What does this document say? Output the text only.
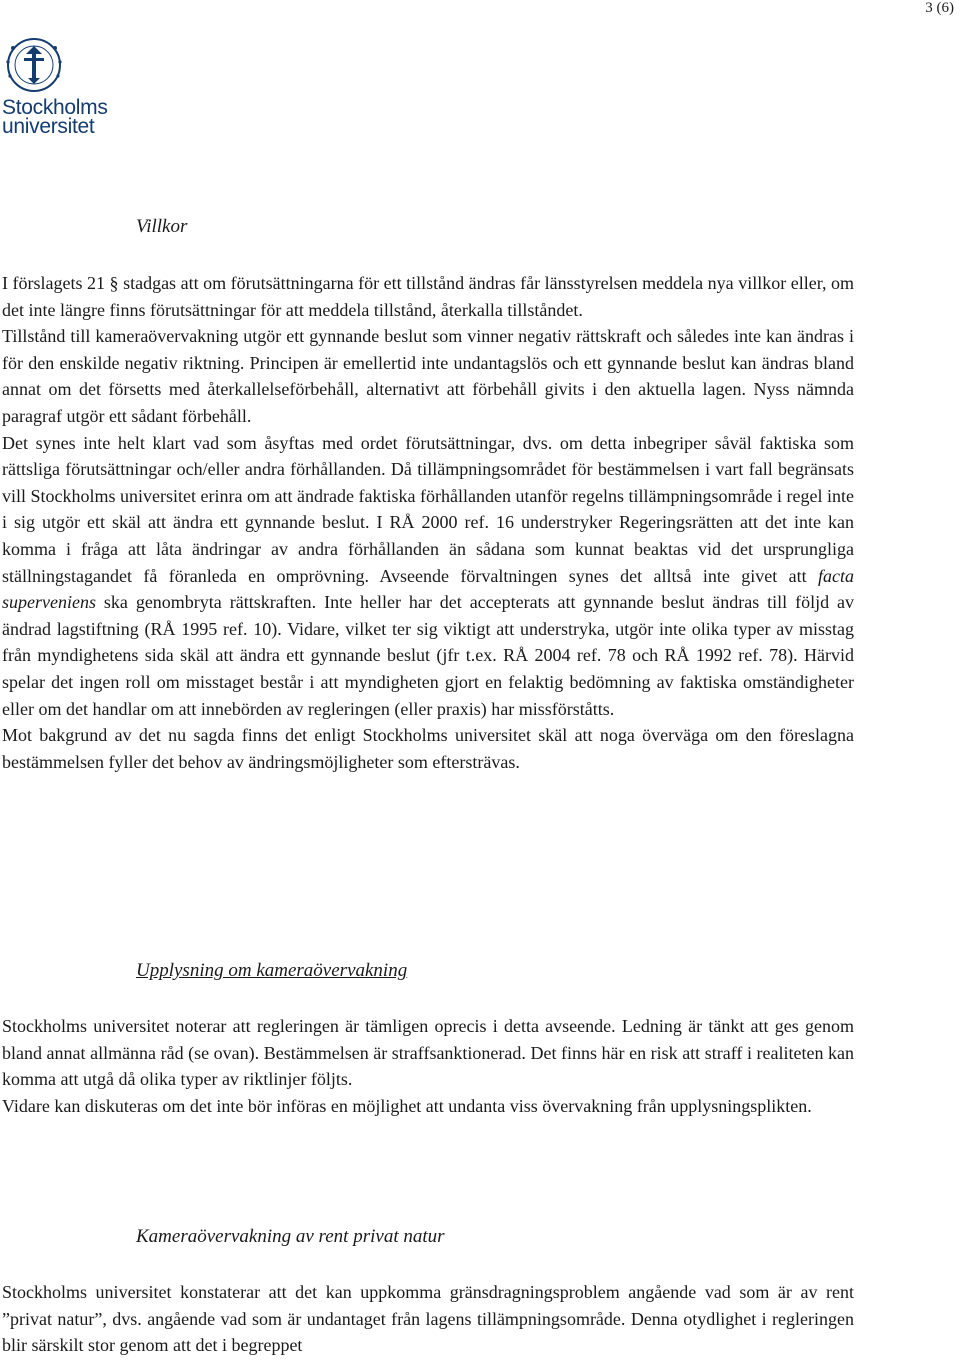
3 (6)
Stockholms
universitet
Villkor

I förslagets 21 § stadgas att om förutsättningarna för ett tillstånd ändras får länsstyrelsen meddela nya villkor eller, om det inte längre finns förutsättningar för att meddela tillstånd, återkalla tillståndet.

Tillstånd till kameraövervakning utgör ett gynnande beslut som vinner negativ rättskraft och således inte kan ändras i för den enskilde negativ riktning. Principen är emellertid inte undantagslös och ett gynnande beslut kan ändras bland annat om det försetts med återkallelseförbehåll, alternativt att förbehåll givits i den aktuella lagen. Nyss nämnda paragraf utgör ett sådant förbehåll.

Det synes inte helt klart vad som åsyftas med ordet förutsättningar, dvs. om detta inbegriper såväl faktiska som rättsliga förutsättningar och/eller andra förhållanden. Då tillämpningsområdet för bestämmelsen i vart fall begränsats vill Stockholms universitet erinra om att ändrade faktiska förhållanden utanför regelns tillämpningsområde i regel inte i sig utgör ett skäl att ändra ett gynnande beslut. I RÅ 2000 ref. 16 understryker Regeringsrätten att det inte kan komma i fråga att låta ändringar av andra förhållanden än sådana som kunnat beaktas vid det ursprungliga ställningstagandet få föranleda en omprövning. Avseende förvaltningen synes det alltså inte givet att facta superveniens ska genombryta rättskraften. Inte heller har det accepterats att gynnande beslut ändras till följd av ändrad lagstiftning (RÅ 1995 ref. 10). Vidare, vilket ter sig viktigt att understryka, utgör inte olika typer av misstag från myndighetens sida skäl att ändra ett gynnande beslut (jfr t.ex. RÅ 2004 ref. 78 och RÅ 1992 ref. 78). Härvid spelar det ingen roll om misstaget består i att myndigheten gjort en felaktig bedömning av faktiska omständigheter eller om det handlar om att innebörden av regleringen (eller praxis) har missförståtts.

Mot bakgrund av det nu sagda finns det enligt Stockholms universitet skäl att noga överväga om den föreslagna bestämmelsen fyller det behov av ändringsmöjligheter som eftersträvas.

Upplysning om kameraövervakning

Stockholms universitet noterar att regleringen är tämligen oprecis i detta avseende. Ledning är tänkt att ges genom bland annat allmänna råd (se ovan). Bestämmelsen är straffsanktionerad. Det finns här en risk att straff i realiteten kan komma att utgå då olika typer av riktlinjer följts.

Vidare kan diskuteras om det inte bör införas en möjlighet att undanta viss övervakning från upplysningsplikten.

Kameraövervakning av rent privat natur

Stockholms universitet konstaterar att det kan uppkomma gränsdragningsproblem angående vad som är av rent ”privat natur”, dvs. angående vad som är undantaget från lagens tillämpningsområde. Denna otydlighet i regleringen blir särskilt stor genom att det i begreppet
